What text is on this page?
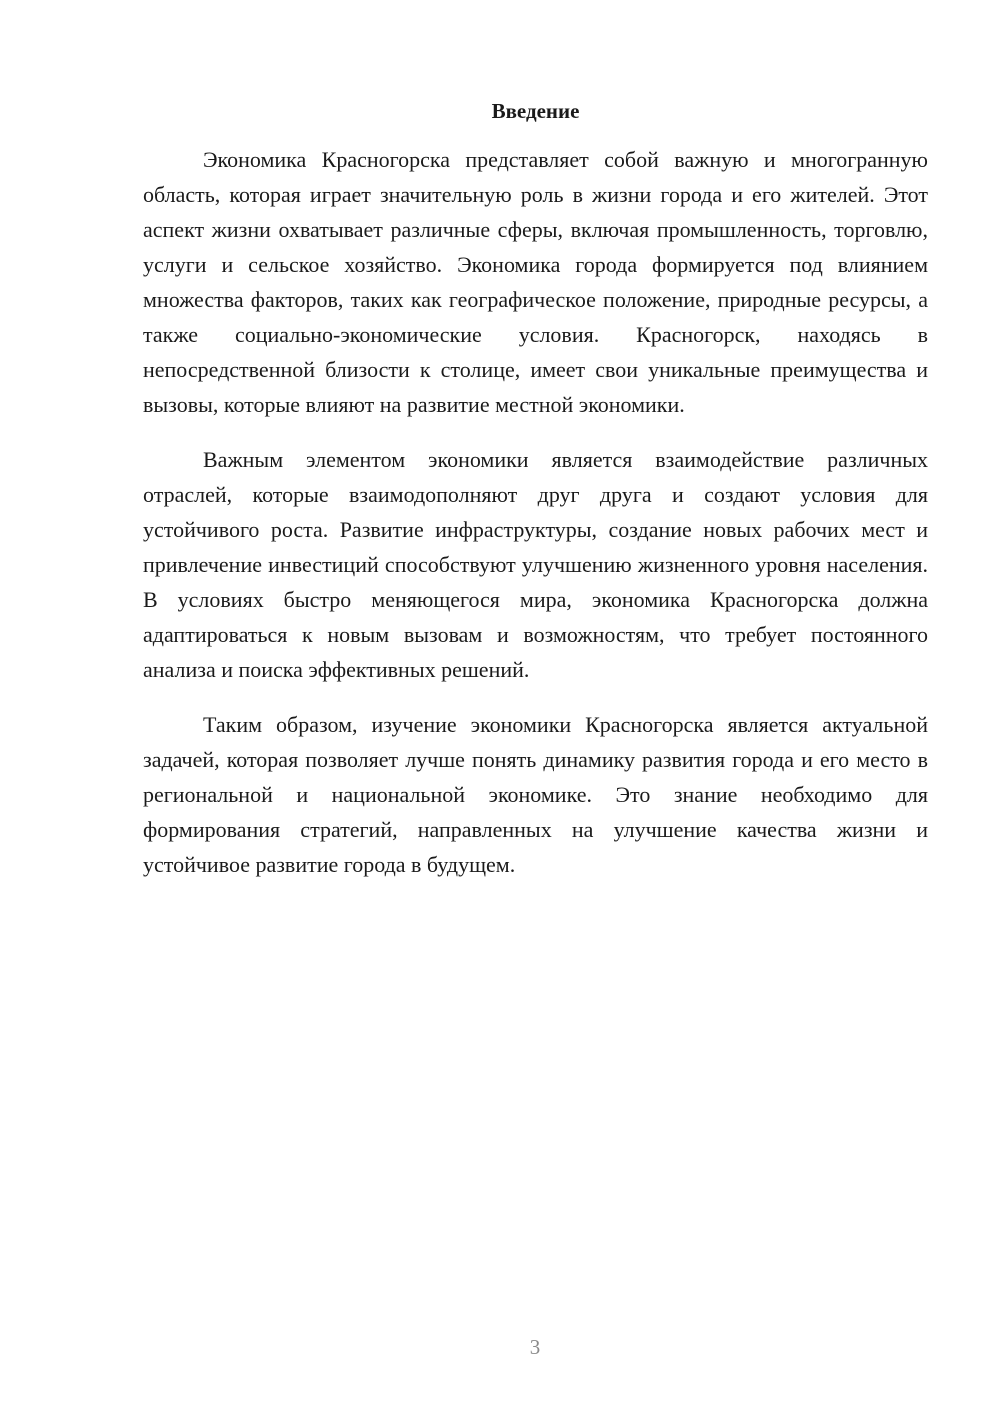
Введение

Экономика Красногорска представляет собой важную и многогранную область, которая играет значительную роль в жизни города и его жителей. Этот аспект жизни охватывает различные сферы, включая промышленность, торговлю, услуги и сельское хозяйство. Экономика города формируется под влиянием множества факторов, таких как географическое положение, природные ресурсы, а также социально-экономические условия. Красногорск, находясь в непосредственной близости к столице, имеет свои уникальные преимущества и вызовы, которые влияют на развитие местной экономики.

Важным элементом экономики является взаимодействие различных отраслей, которые взаимодополняют друг друга и создают условия для устойчивого роста. Развитие инфраструктуры, создание новых рабочих мест и привлечение инвестиций способствуют улучшению жизненного уровня населения. В условиях быстро меняющегося мира, экономика Красногорска должна адаптироваться к новым вызовам и возможностям, что требует постоянного анализа и поиска эффективных решений.

Таким образом, изучение экономики Красногорска является актуальной задачей, которая позволяет лучше понять динамику развития города и его место в региональной и национальной экономике. Это знание необходимо для формирования стратегий, направленных на улучшение качества жизни и устойчивое развитие города в будущем.

3
